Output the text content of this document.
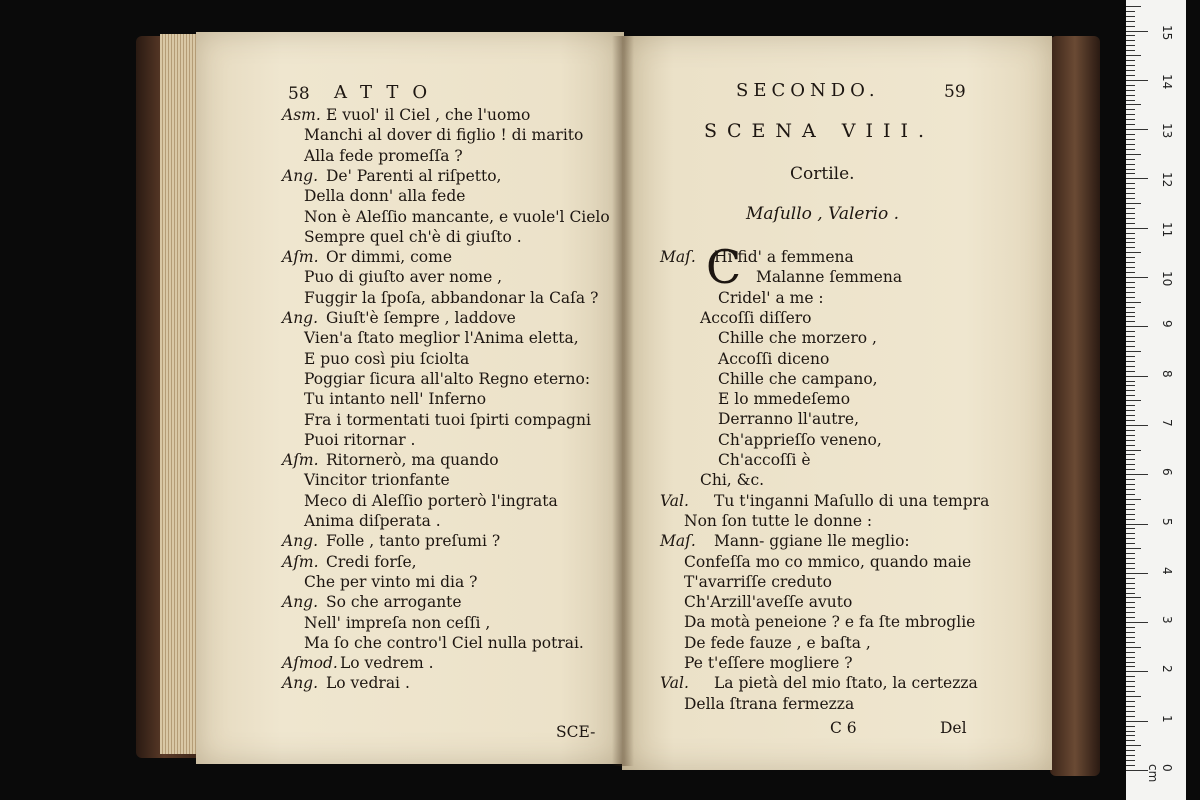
58 ATTO
Asm. E vuol' il Ciel , che l'uomo
Manchi al dover di figlio ! di marito
Alla fede promeſſa ?
Ang. De' Parenti al riſpetto,
Della donn' alla fede
Non è Aleſſio mancante, e vuole'l Cielo
Sempre quel ch'è di giuſto .
Aſm. Or dimmi, come
Puo di giuſto aver nome ,
Fuggir la ſpoſa, abbandonar la Caſa ?
Ang. Giuſt'è ſempre , laddove
Vien'a ſtato meglior l'Anima eletta,
E puo così piu ſciolta
Poggiar ſicura all'alto Regno eterno:
Tu intanto nell' Inferno
Fra i tormentati tuoi ſpirti compagni
Puoi ritornar .
Aſm. Ritornerò, ma quando
Vincitor trionfante
Meco di Aleſſio porterò l'ingrata
Anima diſperata .
Ang. Folle , tanto preſumi ?
Aſm. Credi forſe,
Che per vinto mi dia ?
Ang. So che arrogante
Nell' impreſa non ceſſi ,
Ma ſo che contro'l Ciel nulla potrai.
Aſmod. Lo vedrem .
Ang. Lo vedrai .
SCE-
SECONDO.	59
SCENA VIII.
Cortile.
Maſullo , Valerio .
C
Maſ. Hi fid' a femmena
Malanne ſemmena
Cridel' a me :
Accoſſi diſſero
Chille che morzero ,
Accoſſi diceno
Chille che campano,
E lo mmedeſemo
Derranno ll'autre,
Ch'apprieſſo veneno,
Ch'accoſſi è
Chi, &c.
Val. Tu t'inganni Maſullo di una tempra
Non ſon tutte le donne :
Maſ. Mann- ggiane lle meglio:
Confeſſa mo co mmico, quando maie
T'avarriſſe creduto
Ch'Arzill'aveſſe avuto
Da motà peneione ? e fa ſte mbroglie
De fede fauze , e baſta ,
Pe t'eſſere mogliere ?
Val. La pietà del mio ſtato, la certezza
Della ſtrana fermezza
C 6	Del
15
14
13
12
11
10
9
8
7
6
5
4
3
2
1
0 cm
